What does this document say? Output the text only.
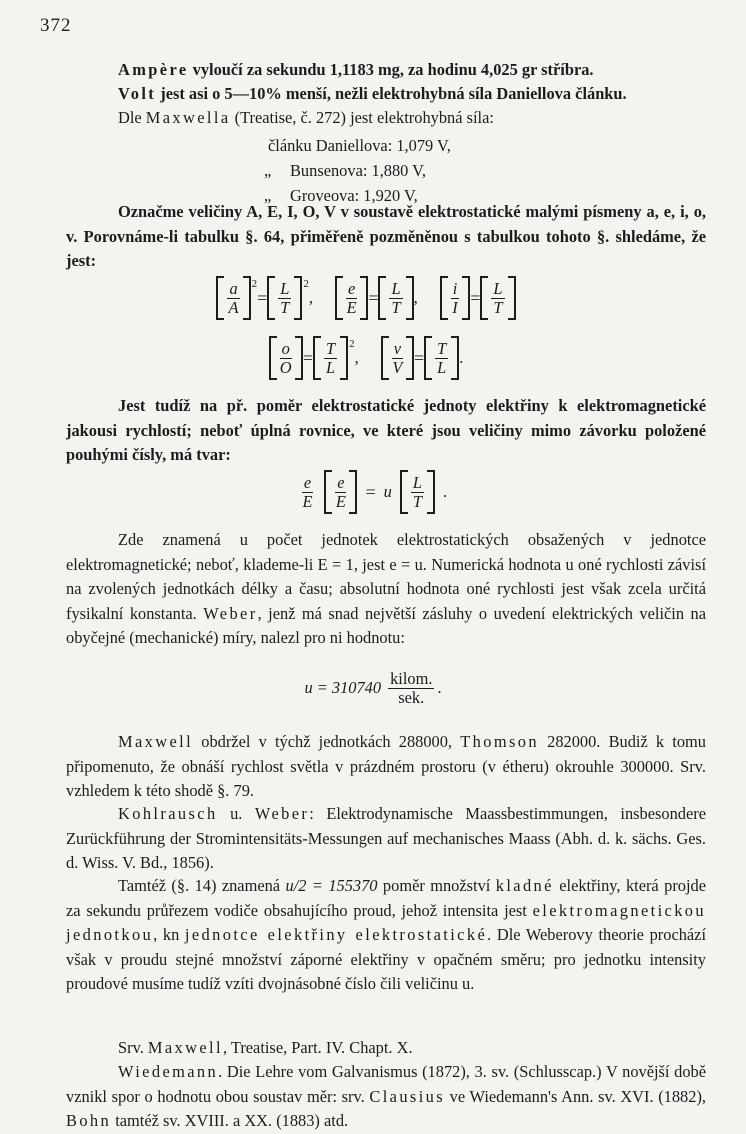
372
Ampère vyloučí za sekundu 1,1183 mg, za hodinu 4,025 gr stříbra.
Volt jest asi o 5—10% menší, nežli elektrohybná síla Daniellova článku.
Dle Maxwella (Treatise, č. 272) jest elektrohybná síla:
článku Daniellova: 1,079 V,
„ Bunsenova: 1,880 V,
„ Groveova: 1,920 V,
Označme veličiny A, E, I, O, V v soustavě elektrostatické malými písmeny a, e, i, o, v. Porovnáme-li tabulku §. 64, přiměřeně pozměněnou s tabulkou tohoto §. shledáme, že jest:
$\frac{a}{A} 2$
= $\frac{L}{T} 2$
, $\frac{e}{E} = \frac{L}{T}$ , $\frac{i}{I} = \frac{L}{T}$
$\frac{o}{O} = \frac{T}{L} 2$
, $\frac{v}{V} = \frac{T}{L}$ .
Jest tudíž na př. poměr elektrostatické jednoty elektřiny k elektromagnetické jakousi rychlostí; neboť úplná rovnice, ve které jsou veličiny mimo závorku položené pouhými čísly, má tvar:
$\frac{e}{E} \frac{e}{E} = u \frac{L}{T}$ .
Zde znamená u počet jednotek elektrostatických obsažených v jednotce elektromagnetické; neboť, klademe-li E = 1, jest e = u. Numerická hodnota u oné rychlosti závisí na zvolených jednotkách délky a času; absolutní hodnota oné rychlosti jest však zcela určitá fysikalní konstanta. Weber, jenž má snad největší zásluhy o uvedení elektrických veličin na obyčejné (mechanické) míry, nalezl pro ni hodnotu:
$u = 310740 \frac{\text{kilom.}}{\text{sek.}}$ .
Maxwell obdržel v týchž jednotkách 288000, Thomson 282000. Budiž k tomu připomenuto, že obnáší rychlost světla v prázdném prostoru (v étheru) okrouhle 300000. Srv. vzhledem k této shodě §. 79.
Kohlrausch u. Weber: Elektrodynamische Maassbestimmungen, insbesondere Zurückführung der Stromintensitäts-Messungen auf mechanisches Maass (Abh. d. k. sächs. Ges. d. Wiss. V. Bd., 1856).
Tamtéž (§. 14) znamená u/2 = 155370 poměr množství kladné elektřiny, která projde za sekundu průřezem vodiče obsahujícího proud, jehož intensita jest elektromagnetickou jednotkou, kn jednotce elektřiny elektrostatické. Dle Weberovy theorie prochází však v proudu stejné množství záporné elektřiny v opačném směru; pro jednotku intensity proudové musíme tudíž vzíti dvojnásobné číslo čili veličinu u.
Srv. Maxwell, Treatise, Part. IV. Chapt. X.
Wiedemann. Die Lehre vom Galvanismus (1872), 3. sv. (Schlusscap.) V novější době vznikl spor o hodnotu obou soustav měr: srv. Clausius ve Wiedemann's Ann. sv. XVI. (1882), Bohn tamtéž sv. XVIII. a XX. (1883) atd.
